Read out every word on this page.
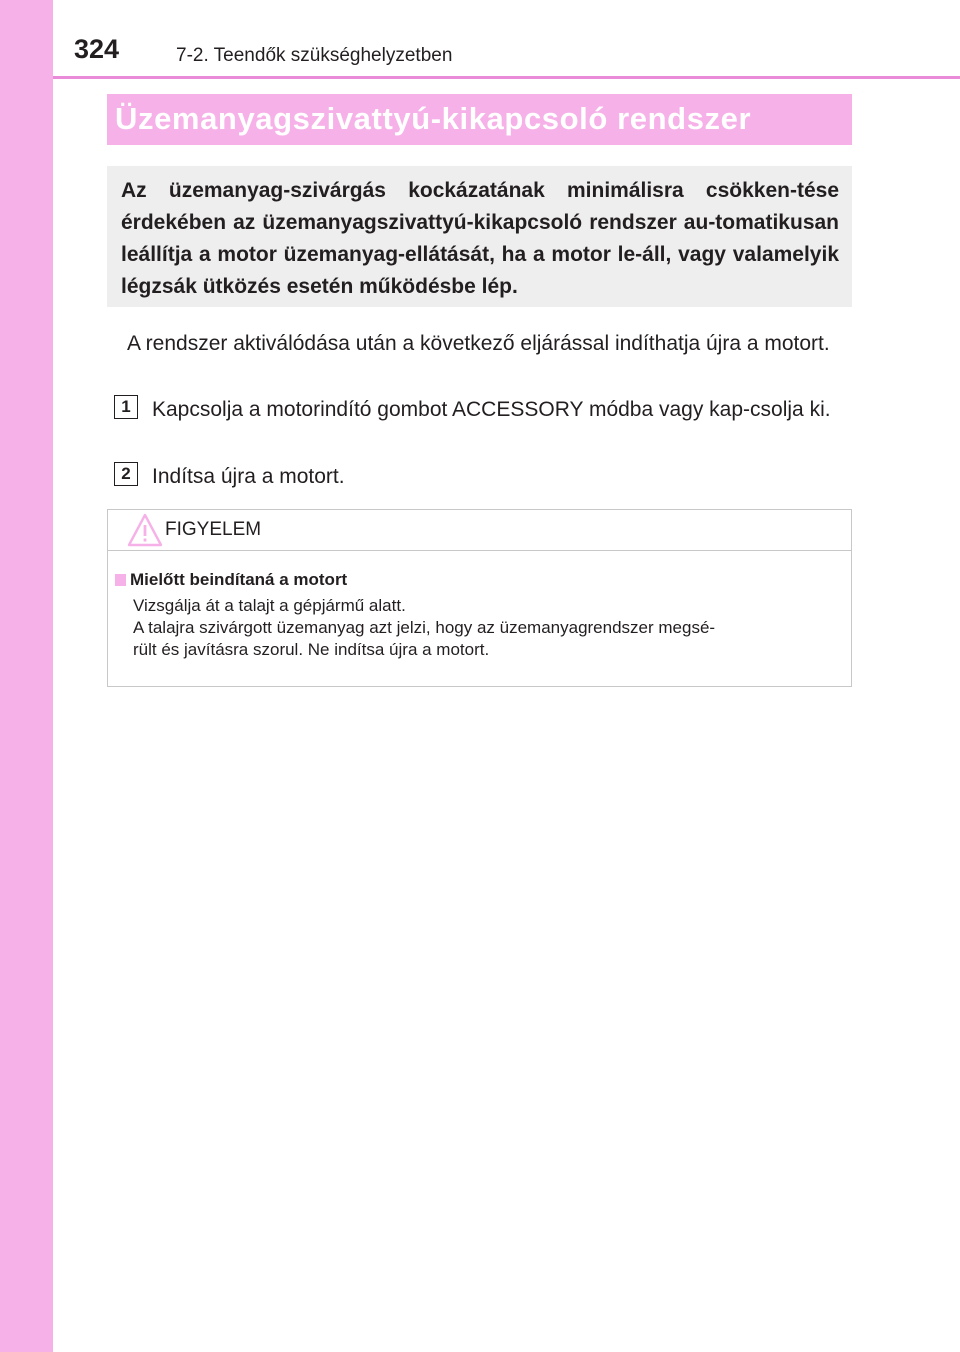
324	7-2. Teendők szükséghelyzetben
Üzemanyagszivattyú-kikapcsoló rendszer
Az üzemanyag-szivárgás kockázatának minimálisra csökken-tése érdekében az üzemanyagszivattyú-kikapcsoló rendszer au-tomatikusan leállítja a motor üzemanyag-ellátását, ha a motor le-áll, vagy valamelyik légzsák ütközés esetén működésbe lép.
A rendszer aktiválódása után a következő eljárással indíthatja újra a motort.
1	Kapcsolja a motorindító gombot ACCESSORY módba vagy kap-csolja ki.
2	Indítsa újra a motort.
FIGYELEM
Mielőtt beindítaná a motort
Vizsgálja át a talajt a gépjármű alatt.
A talajra szivárgott üzemanyag azt jelzi, hogy az üzemanyagrendszer megsé-
rült és javításra szorul. Ne indítsa újra a motort.
